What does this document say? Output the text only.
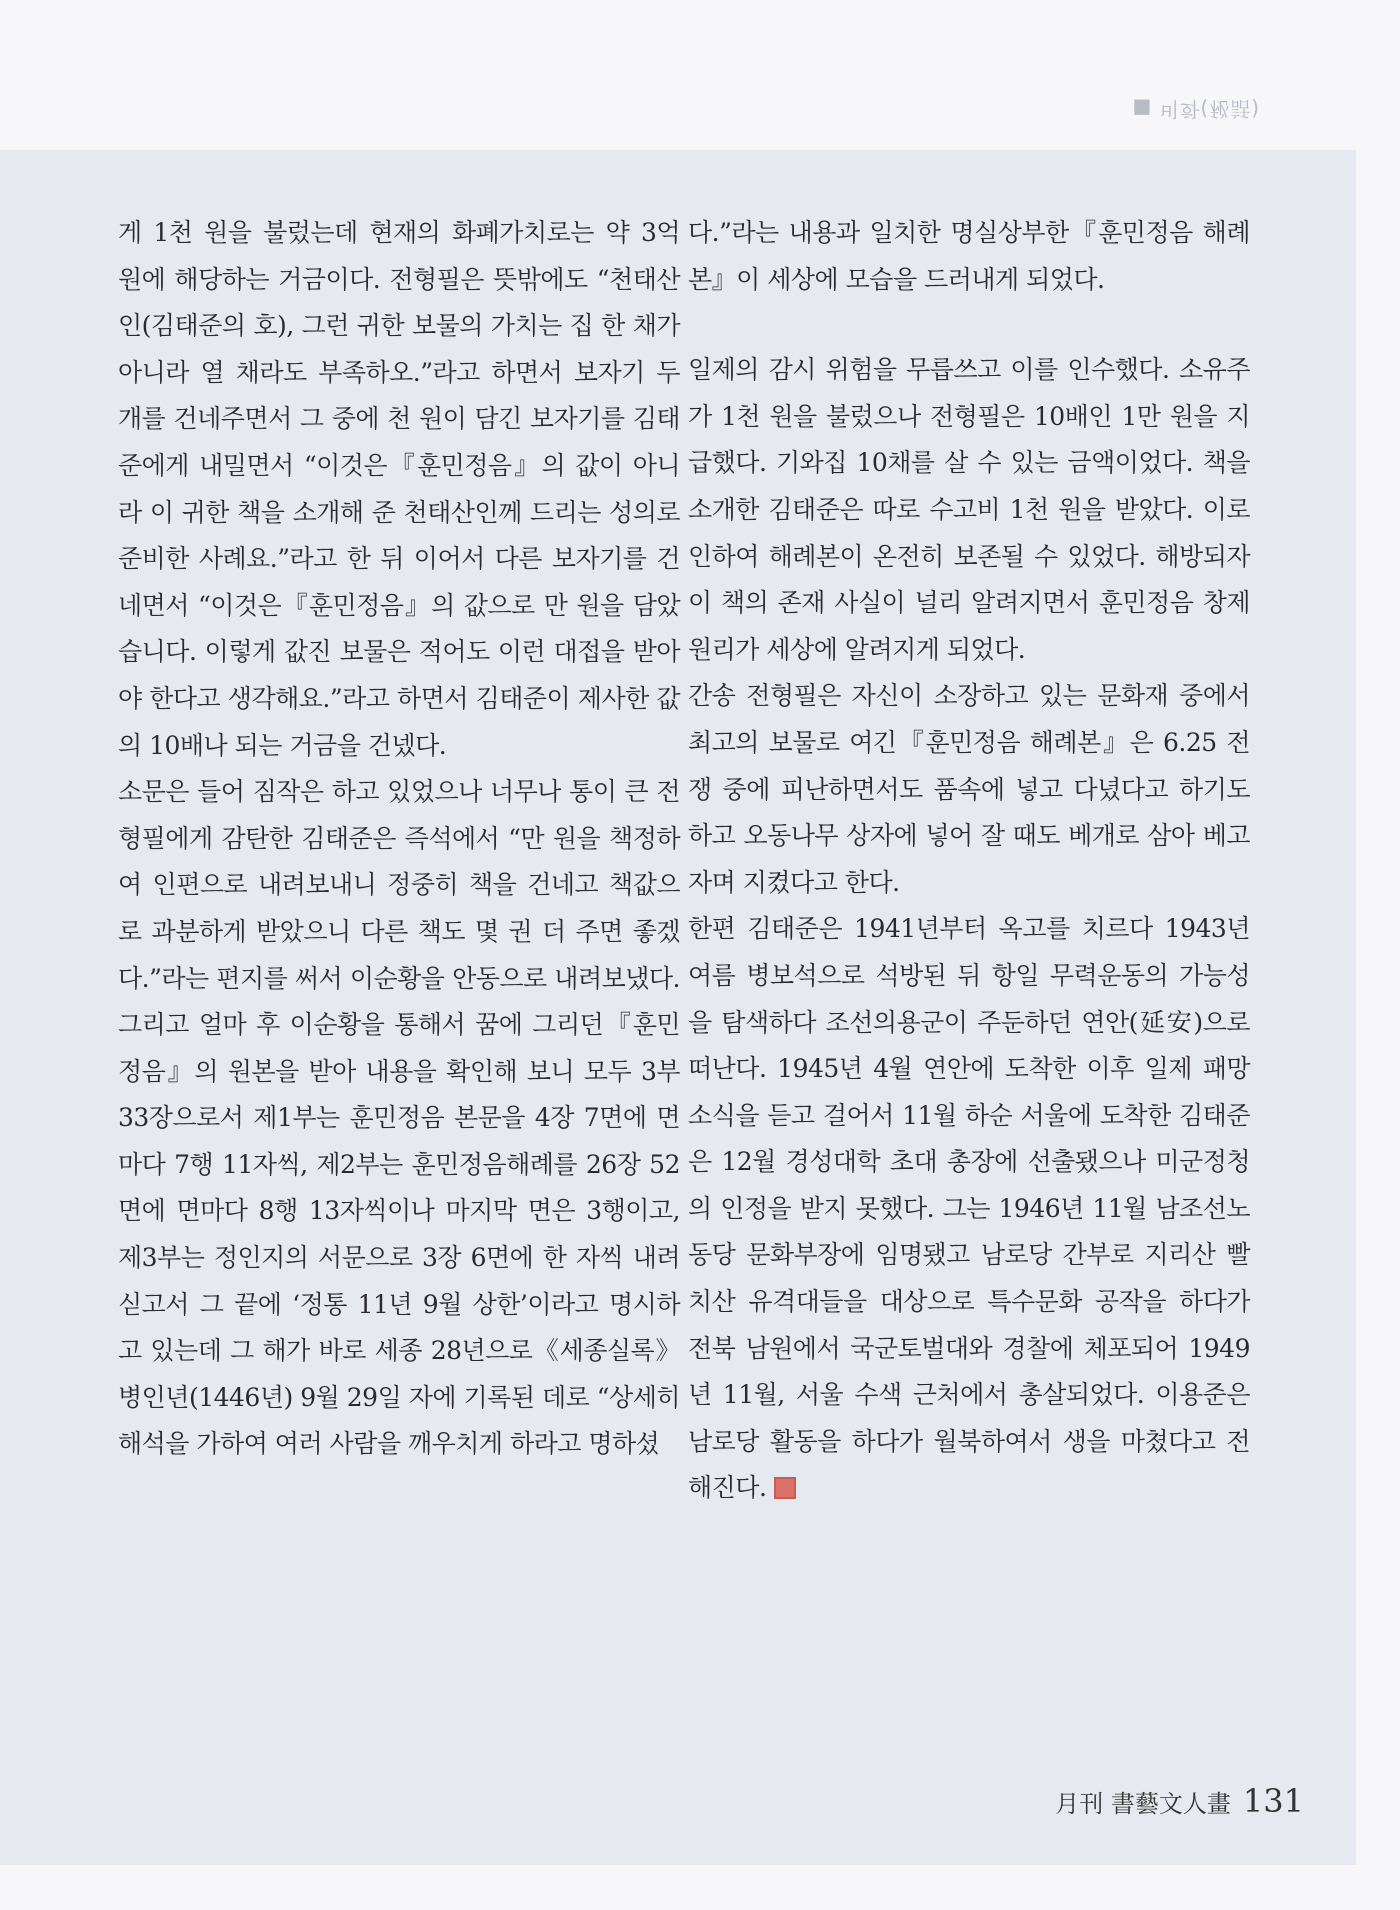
■ 비화(秘話)

게 1천 원을 불렀는데 현재의 화폐가치로는 약 3억 원에 해당하는 거금이다. 전형필은 뜻밖에도 “천태산인(김태준의 호), 그런 귀한 보물의 가치는 집 한 채가 아니라 열 채라도 부족하오.”라고 하면서 보자기 두 개를 건네주면서 그 중에 천 원이 담긴 보자기를 김태준에게 내밀면서 “이것은『훈민정음』의 값이 아니라 이 귀한 책을 소개해 준 천태산인께 드리는 성의로 준비한 사례요.”라고 한 뒤 이어서 다른 보자기를 건네면서 “이것은『훈민정음』의 값으로 만 원을 담았습니다. 이렇게 값진 보물은 적어도 이런 대접을 받아야 한다고 생각해요.”라고 하면서 김태준이 제사한 값의 10배나 되는 거금을 건넸다.

소문은 들어 짐작은 하고 있었으나 너무나 통이 큰 전형필에게 감탄한 김태준은 즉석에서 “만 원을 책정하여 인편으로 내려보내니 정중히 책을 건네고 책값으로 과분하게 받았으니 다른 책도 몇 권 더 주면 좋겠다.”라는 편지를 써서 이순황을 안동으로 내려보냈다. 그리고 얼마 후 이순황을 통해서 꿈에 그리던『훈민정음』의 원본을 받아 내용을 확인해 보니 모두 3부 33장으로서 제1부는 훈민정음 본문을 4장 7면에 면마다 7행 11자씩, 제2부는 훈민정음해례를 26장 52면에 면마다 8행 13자씩이나 마지막 면은 3행이고, 제3부는 정인지의 서문으로 3장 6면에 한 자씩 내려 싣고서 그 끝에 ‘정통 11년 9월 상한’이라고 명시하고 있는데 그 해가 바로 세종 28년으로《세종실록》병인년(1446년) 9월 29일 자에 기록된 데로 “상세히 해석을 가하여 여러 사람을 깨우치게 하라고 명하셨

다.”라는 내용과 일치한 명실상부한『훈민정음 해례본』이 세상에 모습을 드러내게 되었다.

일제의 감시 위험을 무릅쓰고 이를 인수했다. 소유주가 1천 원을 불렀으나 전형필은 10배인 1만 원을 지급했다. 기와집 10채를 살 수 있는 금액이었다. 책을 소개한 김태준은 따로 수고비 1천 원을 받았다. 이로 인하여 해례본이 온전히 보존될 수 있었다. 해방되자 이 책의 존재 사실이 널리 알려지면서 훈민정음 창제원리가 세상에 알려지게 되었다.

간송 전형필은 자신이 소장하고 있는 문화재 중에서 최고의 보물로 여긴『훈민정음 해례본』은 6.25 전쟁 중에 피난하면서도 품속에 넣고 다녔다고 하기도 하고 오동나무 상자에 넣어 잘 때도 베개로 삼아 베고 자며 지켰다고 한다.

한편 김태준은 1941년부터 옥고를 치르다 1943년 여름 병보석으로 석방된 뒤 항일 무력운동의 가능성을 탐색하다 조선의용군이 주둔하던 연안(延安)으로 떠난다. 1945년 4월 연안에 도착한 이후 일제 패망 소식을 듣고 걸어서 11월 하순 서울에 도착한 김태준은 12월 경성대학 초대 총장에 선출됐으나 미군정청의 인정을 받지 못했다. 그는 1946년 11월 남조선노동당 문화부장에 임명됐고 남로당 간부로 지리산 빨치산 유격대들을 대상으로 특수문화 공작을 하다가 전북 남원에서 국군토벌대와 경찰에 체포되어 1949년 11월, 서울 수색 근처에서 총살되었다. 이용준은 남로당 활동을 하다가 월북하여서 생을 마쳤다고 전해진다.

月刊 書藝文人畫 131
